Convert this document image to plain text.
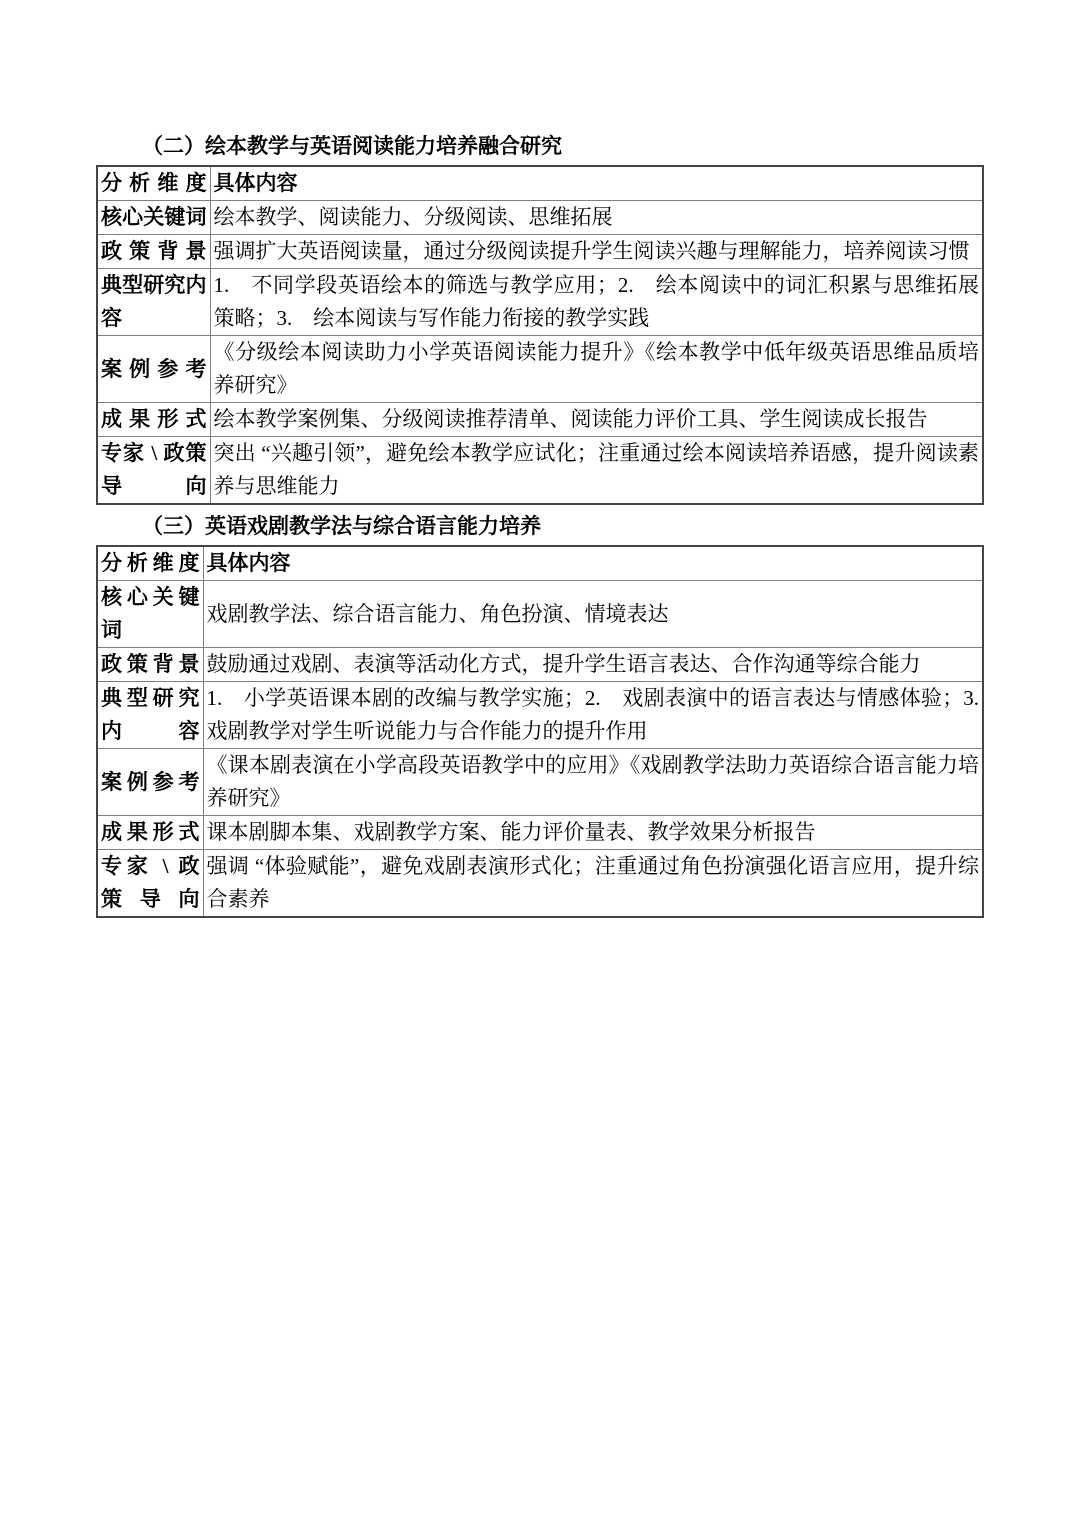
（二）绘本教学与英语阅读能力培养融合研究
分析维度	具体内容
核心关键词	绘本教学、阅读能力、分级阅读、思维拓展
政策背景	强调扩大英语阅读量，通过分级阅读提升学生阅读兴趣与理解能力，培养阅读习惯
典型研究内容	1.　不同学段英语绘本的筛选与教学应用；2.　绘本阅读中的词汇积累与思维拓展策略；3.　绘本阅读与写作能力衔接的教学实践
案例参考	《分级绘本阅读助力小学英语阅读能力提升》《绘本教学中低年级英语思维品质培养研究》
成果形式	绘本教学案例集、分级阅读推荐清单、阅读能力评价工具、学生阅读成长报告
专家 \ 政策导向	突出 “兴趣引领”，避免绘本教学应试化；注重通过绘本阅读培养语感，提升阅读素养与思维能力
（三）英语戏剧教学法与综合语言能力培养
分析维度	具体内容
核心关键词	戏剧教学法、综合语言能力、角色扮演、情境表达
政策背景	鼓励通过戏剧、表演等活动化方式，提升学生语言表达、合作沟通等综合能力
典型研究内容	1.　小学英语课本剧的改编与教学实施；2.　戏剧表演中的语言表达与情感体验；3.　戏剧教学对学生听说能力与合作能力的提升作用
案例参考	《课本剧表演在小学高段英语教学中的应用》《戏剧教学法助力英语综合语言能力培养研究》
成果形式	课本剧脚本集、戏剧教学方案、能力评价量表、教学效果分析报告
专家 \ 政策导向	强调 “体验赋能”，避免戏剧表演形式化；注重通过角色扮演强化语言应用，提升综合素养
